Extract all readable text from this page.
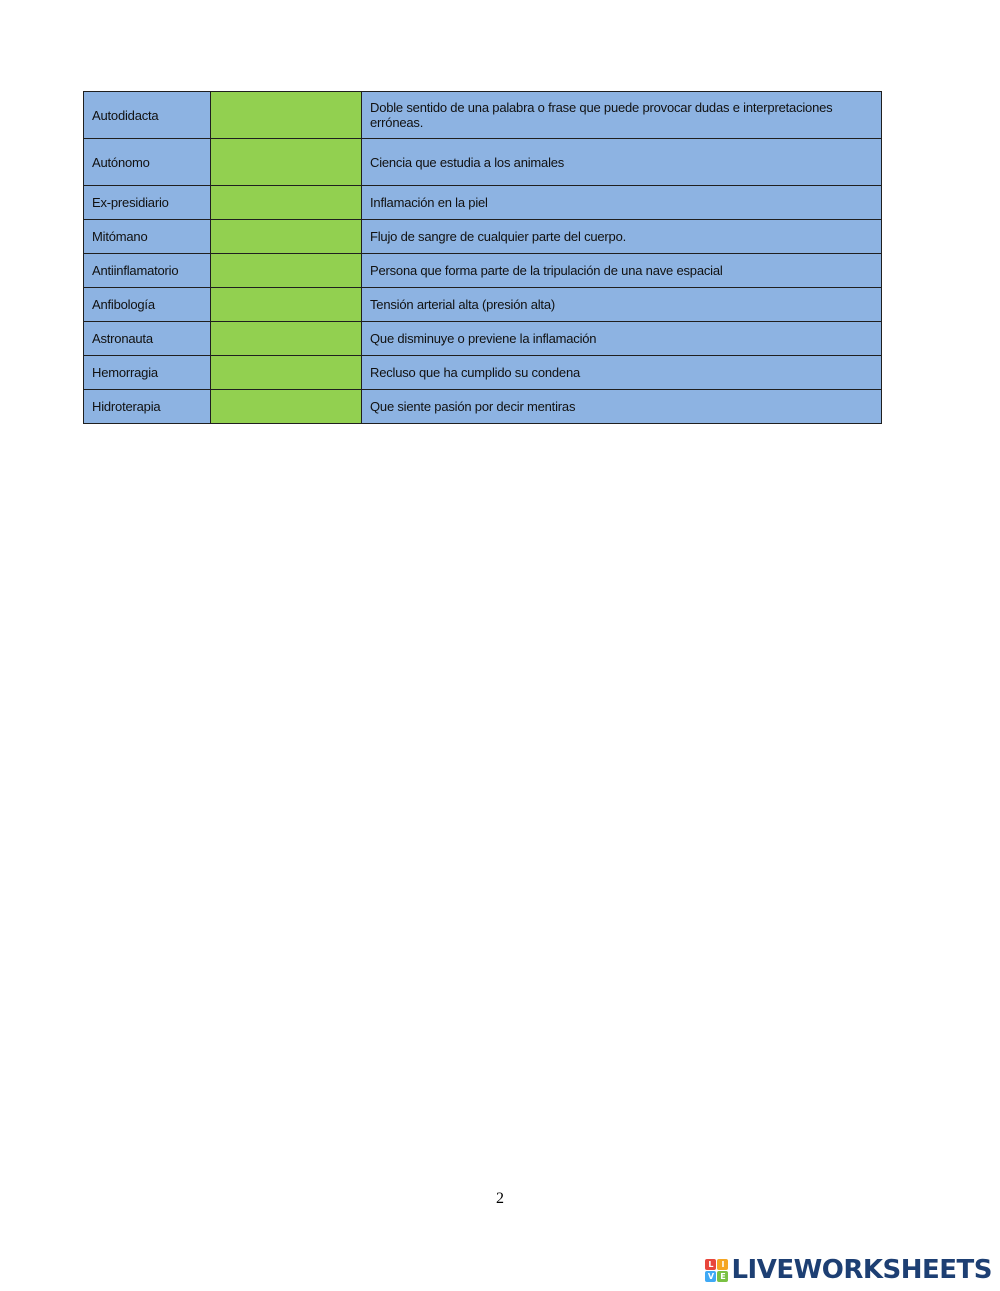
Autodidacta		Doble sentido de una palabra o frase que puede provocar dudas e interpretaciones erróneas.
Autónomo		Ciencia que estudia a los animales
Ex-presidiario		Inflamación en la piel
Mitómano		Flujo de sangre de cualquier parte del cuerpo.
Antiinflamatorio		Persona que forma parte de la tripulación de una nave espacial
Anfibología		Tensión arterial alta (presión alta)
Astronauta		Que disminuye o previene la inflamación
Hemorragia		Recluso que ha cumplido su condena
Hidroterapia		Que siente pasión por decir mentiras
2
L I
V E LIVEWORKSHEETS
